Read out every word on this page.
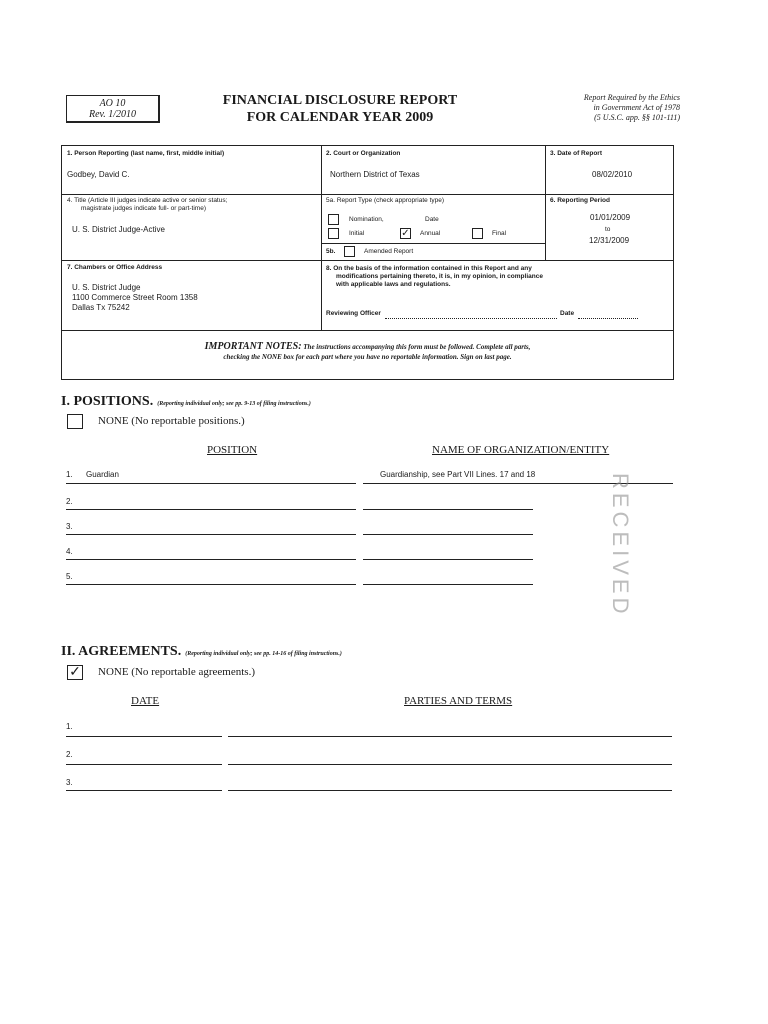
AO 10
Rev. 1/2010
FINANCIAL DISCLOSURE REPORT
FOR CALENDAR YEAR 2009
Report Required by the Ethics
in Government Act of 1978
(5 U.S.C. app. §§ 101-111)
1. Person Reporting (last name, first, middle initial)
Godbey, David C.
2. Court or Organization
Northern District of Texas
3. Date of Report
08/02/2010
4. Title (Article III judges indicate active or senior status;
magistrate judges indicate full- or part-time)
U. S. District Judge-Active
5a. Report Type (check appropriate type)
Nomination,	Date
Initial	✓ Annual	Final
5b.	Amended Report
6. Reporting Period
01/01/2009
to
12/31/2009
7. Chambers or Office Address
U. S. District Judge
1100 Commerce Street Room 1358
Dallas Tx 75242
8. On the basis of the information contained in this Report and any
modifications pertaining thereto, it is, in my opinion, in compliance
with applicable laws and regulations.
Reviewing Officer	Date
IMPORTANT NOTES: The instructions accompanying this form must be followed. Complete all parts,
checking the NONE box for each part where you have no reportable information. Sign on last page.
I. POSITIONS. (Reporting individual only; see pp. 9-13 of filing instructions.)
NONE (No reportable positions.)
POSITION	NAME OF ORGANIZATION/ENTITY
1. Guardian	Guardianship, see Part VII Lines. 17 and 18
2.
3.
4.
5.	RECEIVED
II. AGREEMENTS. (Reporting individual only; see pp. 14-16 of filing instructions.)
✓ NONE (No reportable agreements.)
DATE	PARTIES AND TERMS
1.
2.
3.
